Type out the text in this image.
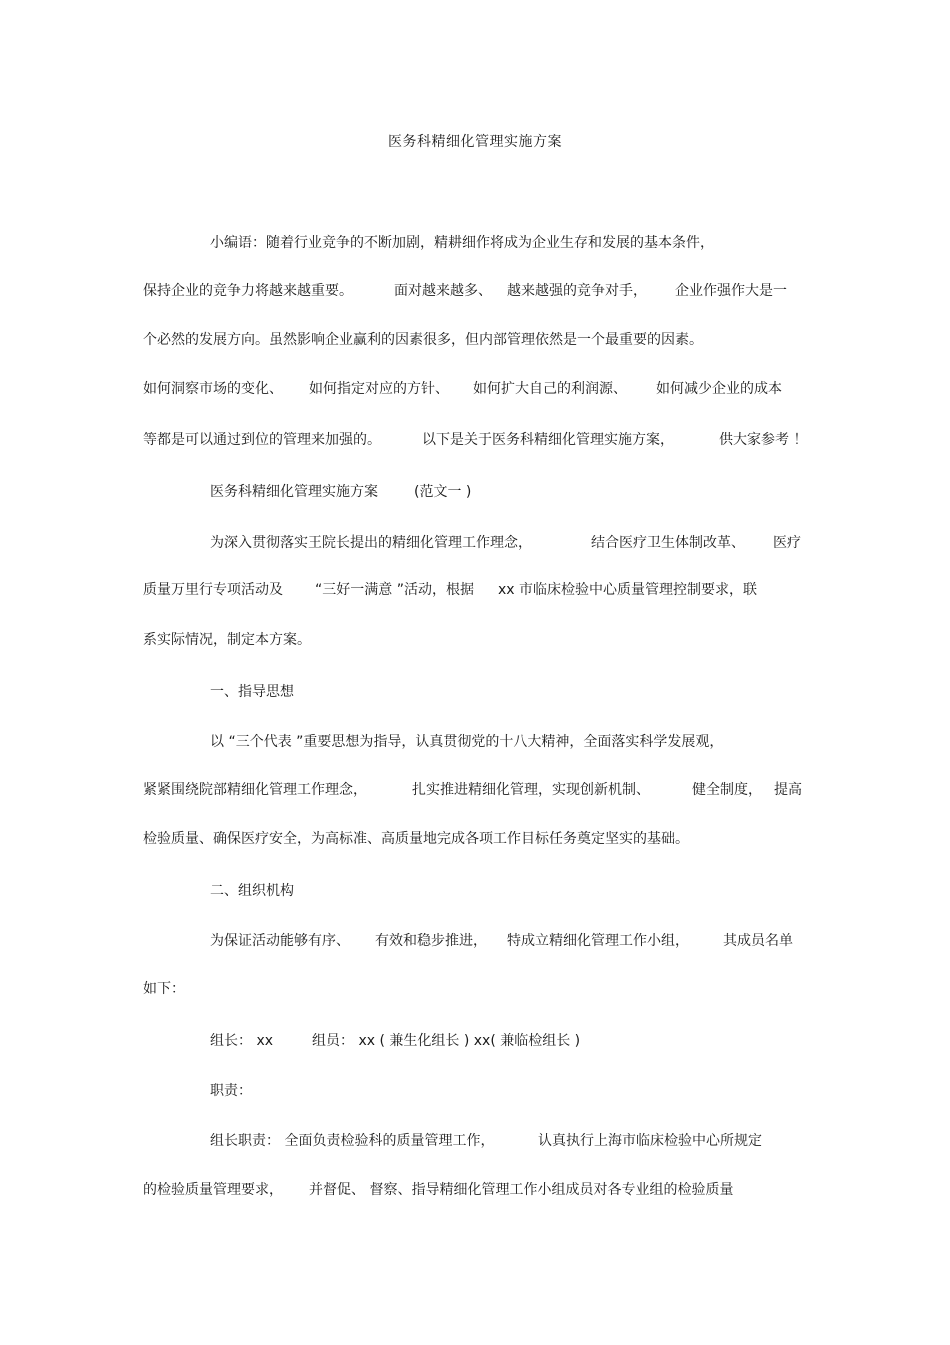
医务科精细化管理实施方案
小编语：随着行业竞争的不断加剧，精耕细作将成为企业生存和发展的基本条件，
保持企业的竞争力将越来越重要。	面对越来越多、 越来越强的竞争对手， 企业作强作大是一
个必然的发展方向。虽然影响企业赢利的因素很多，但内部管理依然是一个最重要的因素。
如何洞察市场的变化、 如何指定对应的方针、 如何扩大自己的利润源、 如何减少企业的成本
等都是可以通过到位的管理来加强的。	以下是关于医务科精细化管理实施方案，	供大家参考 ！
医务科精细化管理实施方案	(范文一 )
为深入贯彻落实王院长提出的精细化管理工作理念，	结合医疗卫生体制改革、 医疗
质量万里行专项活动及 “三好一满意 ”活动，根据 xx 市临床检验中心质量管理控制要求，联
系实际情况，制定本方案。
一、指导思想
以 “三个代表 ”重要思想为指导，认真贯彻党的十八大精神，全面落实科学发展观，
紧紧围绕院部精细化管理工作理念，	扎实推进精细化管理，实现创新机制、	健全制度， 提高
检验质量、确保医疗安全，为高标准、高质量地完成各项工作目标任务奠定坚实的基础。
二、组织机构
为保证活动能够有序、 有效和稳步推进， 特成立精细化管理工作小组， 其成员名单
如下：
组长： xx	组员： xx ( 兼生化组长 ) xx( 兼临检组长 )
职责：
组长职责： 全面负责检验科的质量管理工作，	认真执行上海市临床检验中心所规定
的检验质量管理要求， 并督促、 督察、指导精细化管理工作小组成员对各专业组的检验质量
